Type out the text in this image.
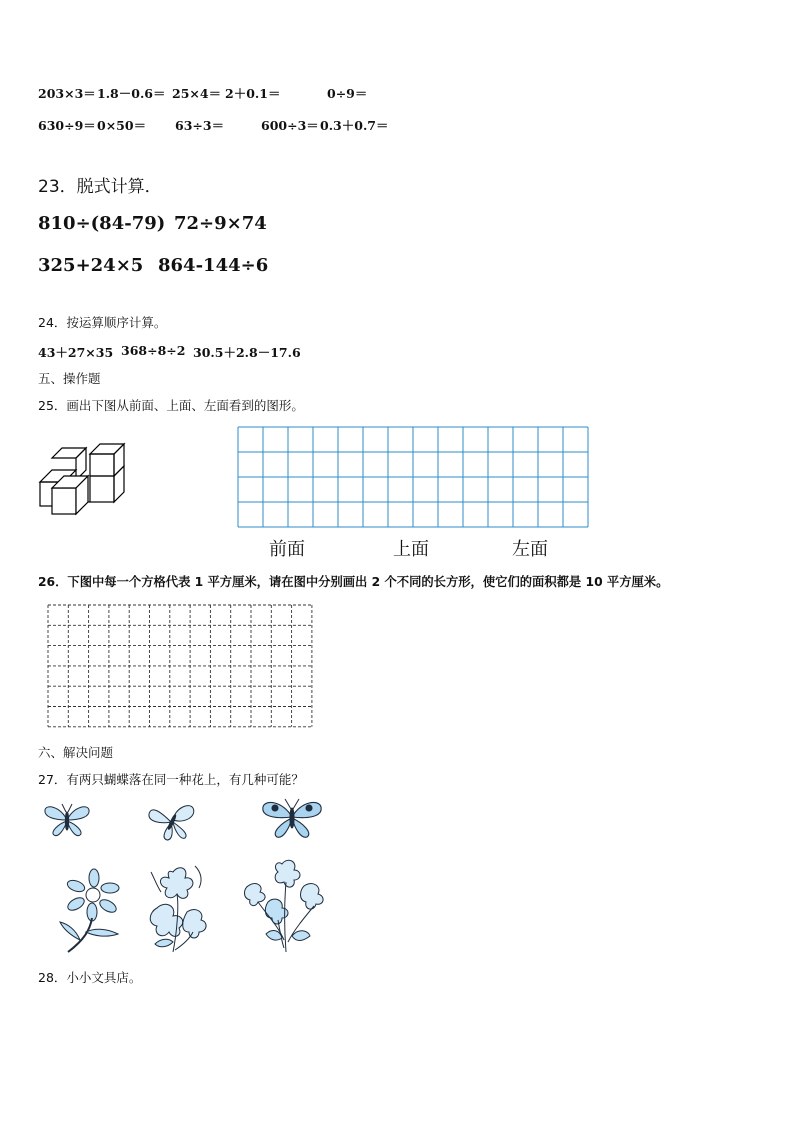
203×3＝ 1.8－0.6＝ 25×4＝ 2＋0.1＝	0÷9＝
630÷9＝ 0×50＝ 63÷3＝	600÷3＝ 0.3＋0.7＝
23．脱式计算．
810÷(84-79) 72÷9×74
325+24×5 864-144÷6
24．按运算顺序计算。
43＋27×35 368÷8÷2 30.5＋2.8－17.6
五、操作题
25．画出下图从前面、上面、左面看到的图形。
前面	上面	左面
26．下图中每一个方格代表 1 平方厘米，请在图中分别画出 2 个不同的长方形，使它们的面积都是 10 平方厘米。
六、解决问题
27．有两只蝴蝶落在同一种花上，有几种可能？
28．小小文具店。
